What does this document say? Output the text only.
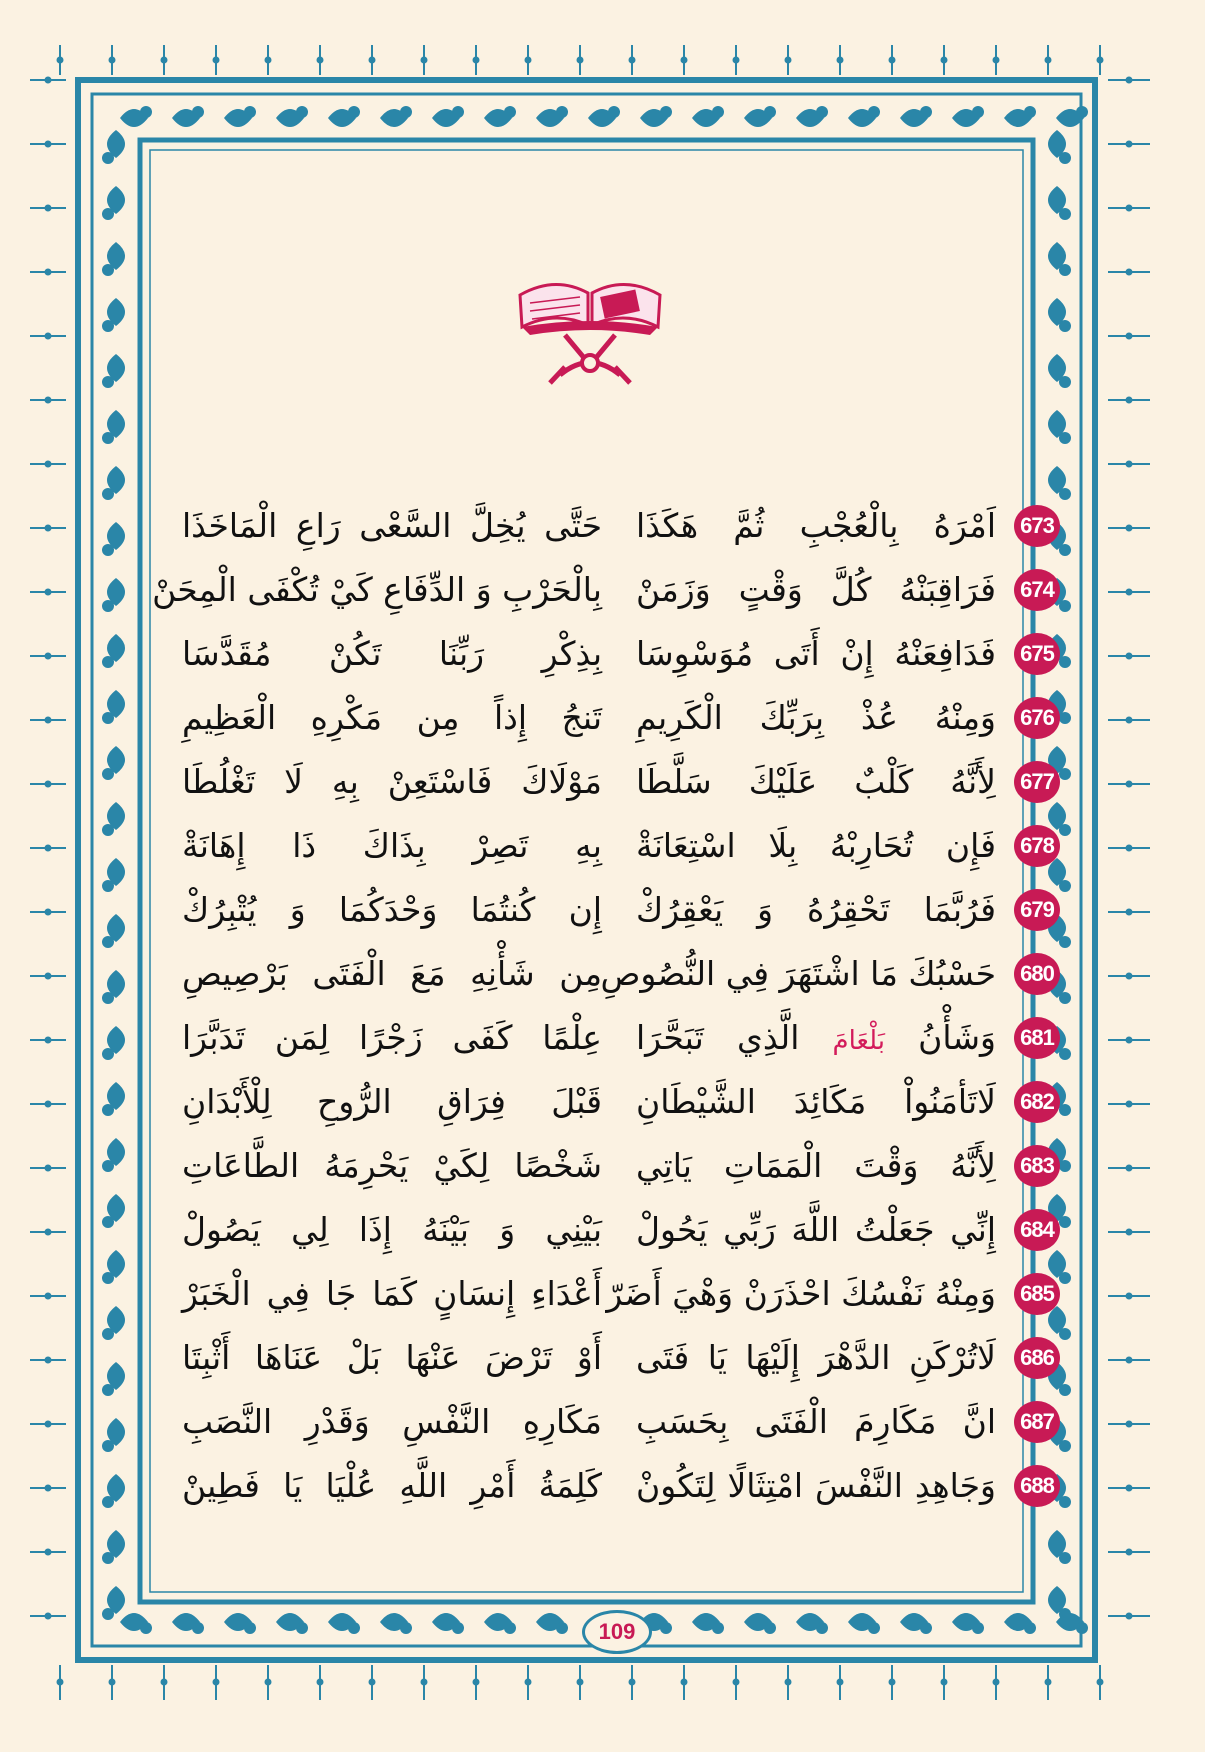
673
اَمْرَهُ بِالْعُجْبِ ثُمَّ هَكَذَا
حَتَّى يُخِلَّ السَّعْى رَاعِ الْمَاخَذَا
674
فَرَاقِبَنْهُ كُلَّ وَقْتٍ وَزَمَنْ
بِالْحَرْبِ وَ الدِّفَاعِ كَيْ تُكْفَى الْمِحَنْ
675
فَدَافِعَنْهُ إِنْ أَتَى مُوَسْوِسَا
بِذِكْرِ رَبِّنَا تَكُنْ مُقَدَّسَا
676
وَمِنْهُ عُذْ بِرَبِّكَ الْكَرِيمِ
تَنجُ إِذاً مِن مَكْرِهِ الْعَظِيمِ
677
لِأَنَّهُ كَلْبٌ عَلَيْكَ سَلَّطَا
مَوْلَاكَ فَاسْتَعِنْ بِهِ لَا تَغْلُطَا
678
فَإِن تُحَارِبْهُ بِلَا اسْتِعَانَةْ
بِهِ تَصِرْ بِذَاكَ ذَا إِهَانَةْ
679
فَرُبَّمَا تَحْقِرُهُ وَ يَعْقِرُكْ
إِن كُنتُمَا وَحْدَكُمَا وَ يُتْبِرُكْ
680
حَسْبُكَ مَا اشْتَهَرَ فِي النُّصُوصِ
مِن شَأْنِهِ مَعَ الْفَتَى بَرْصِيصِ
681
وَشَأْنُ بَلْعَامَ الَّذِي تَبَحَّرَا
عِلْمًا كَفَى زَجْرًا لِمَن تَدَبَّرَا
682
لَاتَأمَنُواْ مَكَائِدَ الشَّيْطَانِ
قَبْلَ فِرَاقِ الرُّوحِ لِلْأَبْدَانِ
683
لِأَنَّهُ وَقْتَ الْمَمَاتِ يَاتِي
شَخْصًا لِكَيْ يَحْرِمَهُ الطَّاعَاتِ
684
إِنِّي جَعَلْتُ اللَّهَ رَبِّي يَحُولْ
بَيْنِي وَ بَيْنَهُ إِذَا لِي يَصُولْ
685
وَمِنْهُ نَفْسُكَ احْذَرَنْ وَهْيَ أَضَرّ
أَعْدَاءِ إِنسَانٍ كَمَا جَا فِي الْخَبَرْ
686
لَاتُرْكَنِ الدَّهْرَ إِلَيْهَا يَا فَتَى
أَوْ تَرْضَ عَنْهَا بَلْ عَنَاهَا أَثْبِتَا
687
انَّ مَكَارِمَ الْفَتَى بِحَسَبِ
مَكَارِهِ النَّفْسِ وَقَدْرِ النَّصَبِ
688
وَجَاهِدِ النَّفْسَ امْتِثَالًا لِتَكُونْ
كَلِمَةُ أَمْرِ اللَّهِ عُلْيَا يَا فَطِينْ
109
